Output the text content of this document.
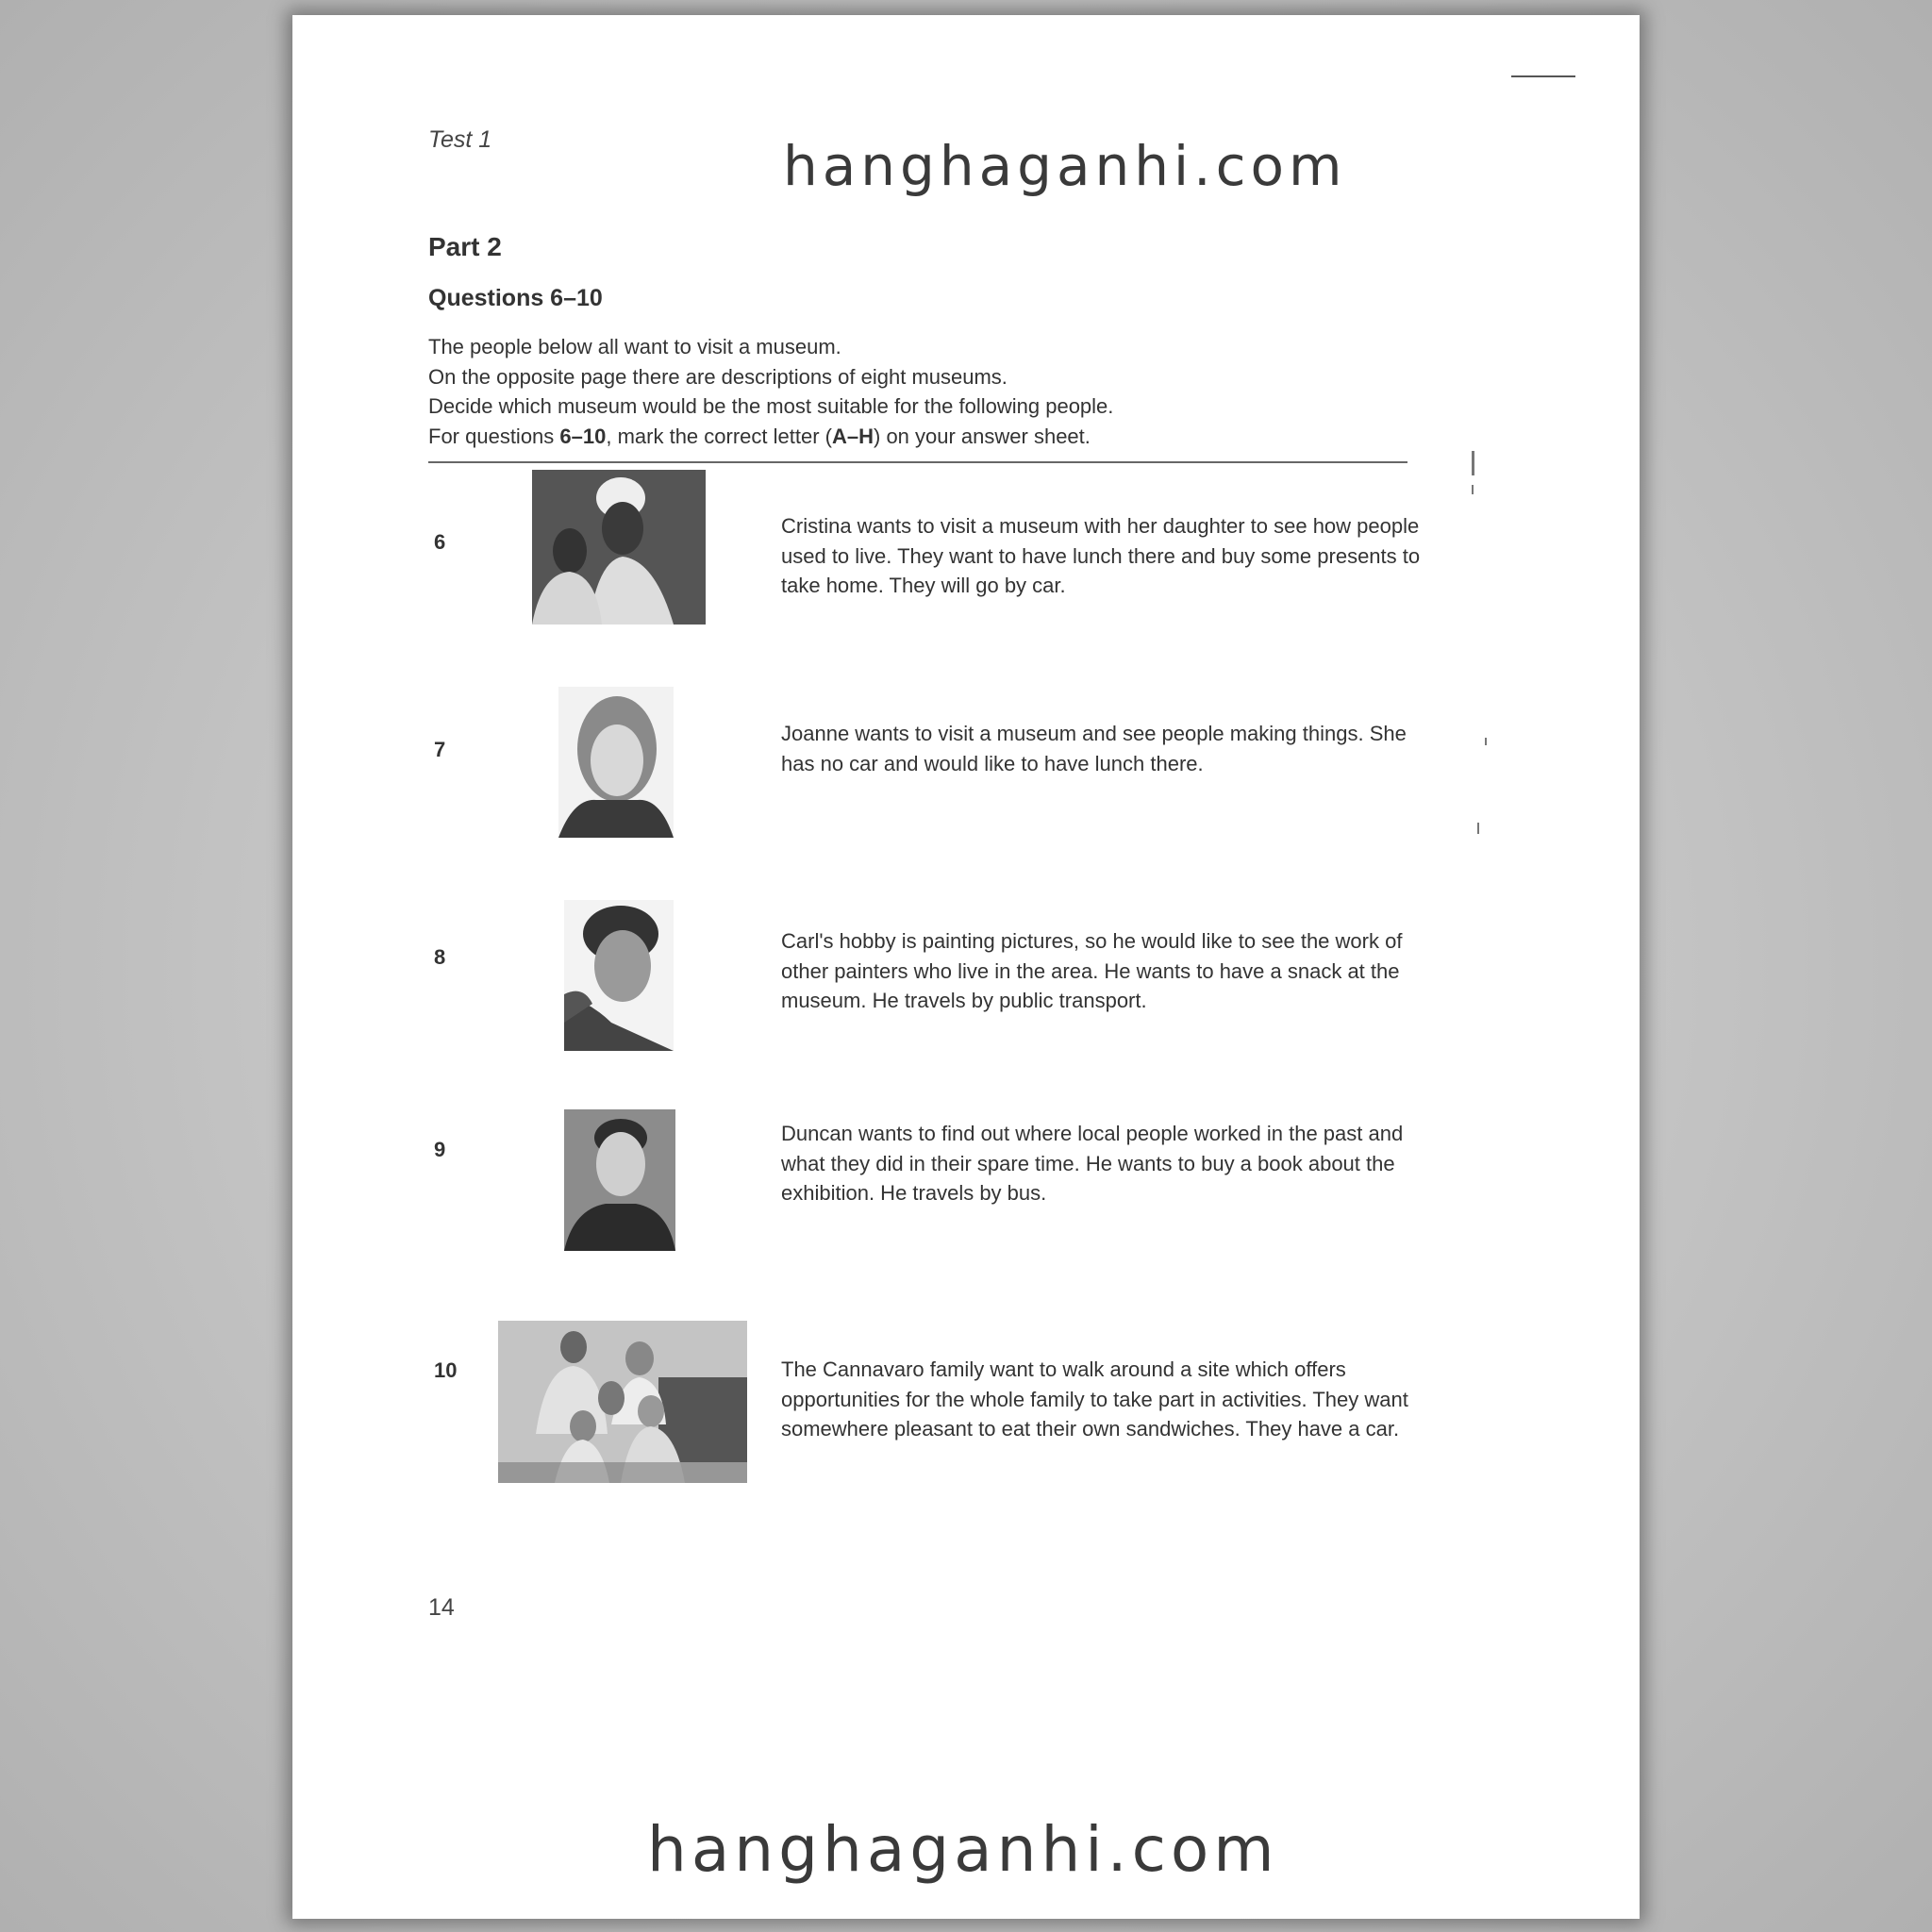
Test 1	hanghaganhi.com
Part 2
Questions 6–10
The people below all want to visit a museum.
On the opposite page there are descriptions of eight museums.
Decide which museum would be the most suitable for the following people.
For questions 6–10, mark the correct letter (A–H) on your answer sheet.
6
Cristina wants to visit a museum with her daughter to see how people used to live. They want to have lunch there and buy some presents to take home. They will go by car.
7
Joanne wants to visit a museum and see people making things. She has no car and would like to have lunch there.
8
Carl's hobby is painting pictures, so he would like to see the work of other painters who live in the area. He wants to have a snack at the museum. He travels by public transport.
9
Duncan wants to find out where local people worked in the past and what they did in their spare time. He wants to buy a book about the exhibition. He travels by bus.
10	The Cannavaro family want to walk around a site which offers opportunities for the whole family to take part in activities. They want somewhere pleasant to eat their own sandwiches. They have a car.
14
hanghaganhi.com
